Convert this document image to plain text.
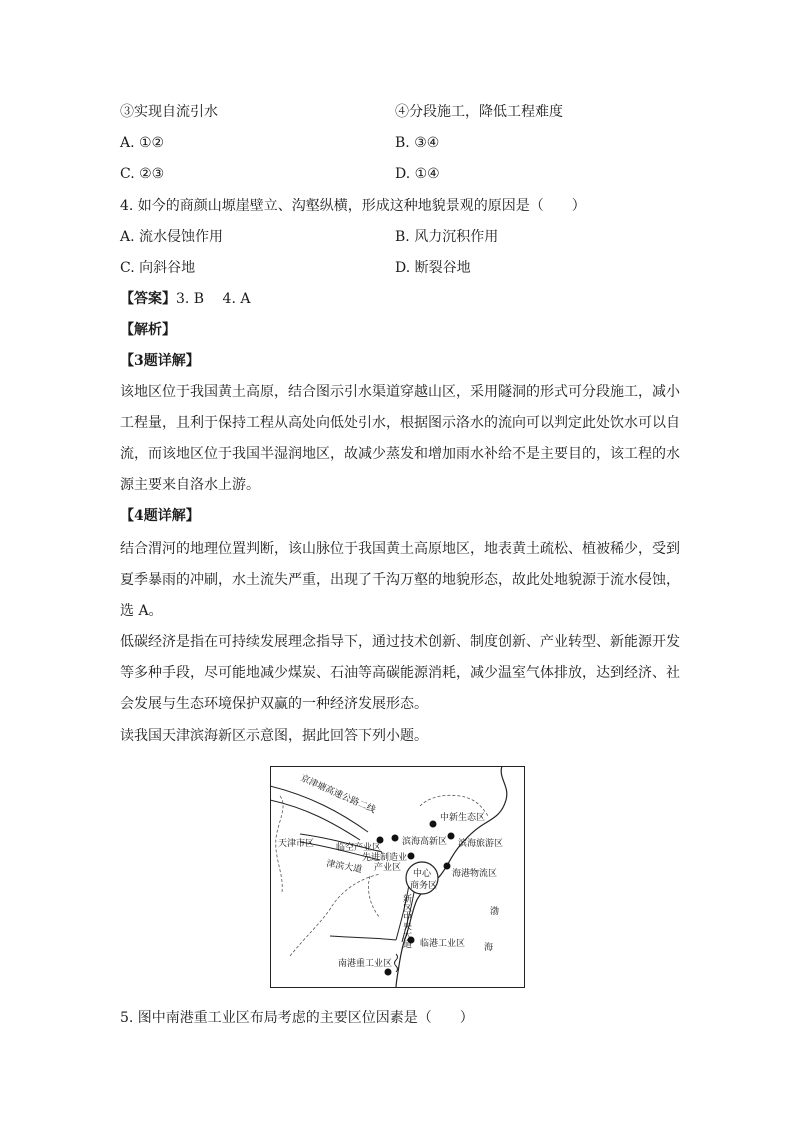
③实现自流引水	④分段施工，降低工程难度
A. ①②	B. ③④
C. ②③	D. ①④
4. 如今的商颜山塬崖壁立、沟壑纵横，形成这种地貌景观的原因是（　　）
A. 流水侵蚀作用	B. 风力沉积作用
C. 向斜谷地	D. 断裂谷地
【答案】3. B　 4. A
【解析】
【3题详解】
该地区位于我国黄土高原，结合图示引水渠道穿越山区，采用隧洞的形式可分段施工，减小
工程量，且利于保持工程从高处向低处引水，根据图示洛水的流向可以判定此处饮水可以自
流，而该地区位于我国半湿润地区，故减少蒸发和增加雨水补给不是主要目的，该工程的水
源主要来自洛水上游。
【4题详解】
结合渭河的地理位置判断，该山脉位于我国黄土高原地区，地表黄土疏松、植被稀少，受到
夏季暴雨的冲刷，水土流失严重，出现了千沟万壑的地貌形态，故此处地貌源于流水侵蚀，
选 A。
低碳经济是指在可持续发展理念指导下，通过技术创新、制度创新、产业转型、新能源开发
等多种手段，尽可能地减少煤炭、石油等高碳能源消耗，减少温室气体排放，达到经济、社
会发展与生态环境保护双赢的一种经济发展形态。
读我国天津滨海新区示意图，据此回答下列小题。
京津塘高速公路二线
天津市区 临空产业区
滨海高新区
中新生态区
滨海旅游区
先进制造业
产业区
津滨大道	中心
商务区
海港物流区
渤
海
新区中央大道 临港工业区
南港重工业区
5. 图中南港重工业区布局考虑的主要区位因素是（　　）
